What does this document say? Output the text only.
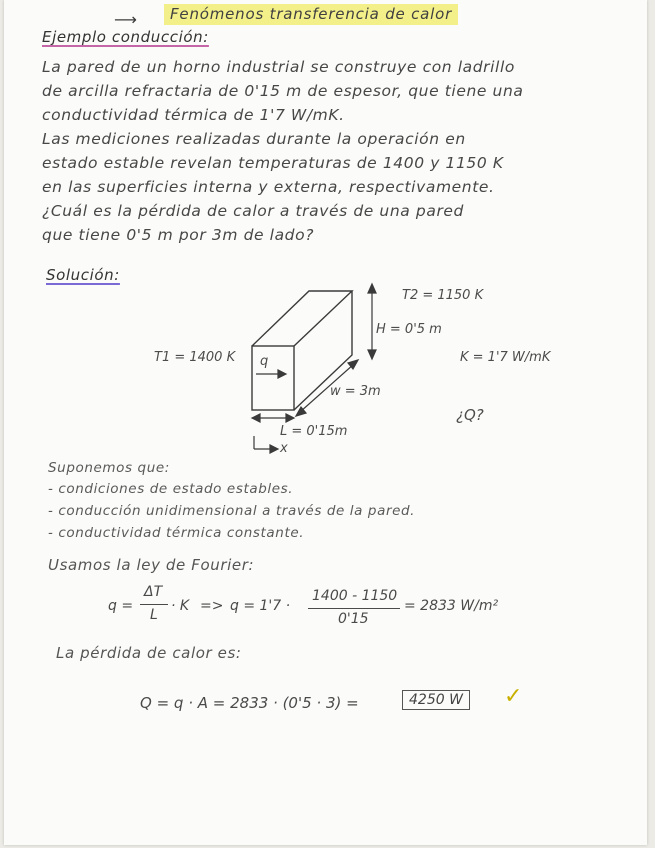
⟶	Fenómenos transferencia de calor
Ejemplo conducción:
La pared de un horno industrial se construye con ladrillo
de arcilla refractaria de 0'15 m de espesor, que tiene una
conductividad térmica de 1'7 W/mK.
Las mediciones realizadas durante la operación en
estado estable revelan temperaturas de 1400 y 1150 K
en las superficies interna y externa, respectivamente.
¿Cuál es la pérdida de calor a través de una pared
que tiene 0'5 m por 3m de lado?
Solución:
T1 = 1400 K q
T2 = 1150 K
H = 0'5 m
w = 3m
L = 0'15m
x
K = 1'7 W/mK
¿Q?
Suponemos que:
- condiciones de estado estables.
- conducción unidimensional a través de la pared.
- conductividad térmica constante.
Usamos la ley de Fourier:
q =
ΔT
L
· K => q = 1'7 ·
1400 - 1150
0'15
= 2833 W/m²
La pérdida de calor es:
Q = q · A = 2833 · (0'5 · 3) =	4250 W	✓
